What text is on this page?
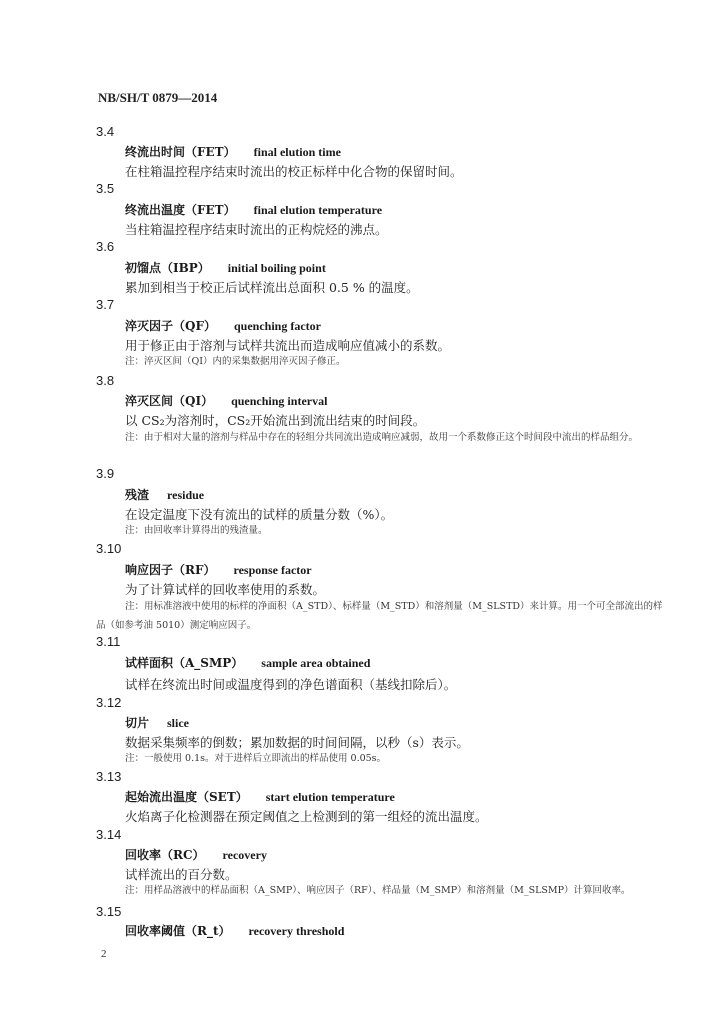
NB/SH/T 0879—2014
3.4
终流出时间（FET） final elution time
在柱箱温控程序结束时流出的校正标样中化合物的保留时间。
3.5
终流出温度（FET） final elution temperature
当柱箱温控程序结束时流出的正构烷烃的沸点。
3.6
初馏点（IBP） initial boiling point
累加到相当于校正后试样流出总面积 0.5 % 的温度。
3.7
淬灭因子（QF） quenching factor
用于修正由于溶剂与试样共流出而造成响应值减小的系数。
注：淬灭区间（QI）内的采集数据用淬灭因子修正。
3.8
淬灭区间（QI） quenching interval
以 CS₂为溶剂时，CS₂开始流出到流出结束的时间段。
注：由于相对大量的溶剂与样品中存在的轻组分共同流出造成响应减弱，故用一个系数修正这个时间段中流出的样品组分。
3.9
残渣 residue
在设定温度下没有流出的试样的质量分数（%）。
注：由回收率计算得出的残渣量。
3.10
响应因子（RF） response factor
为了计算试样的回收率使用的系数。
注：用标准溶液中使用的标样的净面积（A_STD）、标样量（M_STD）和溶剂量（M_SLSTD）来计算。用一个可全部流出的样品（如参考油 5010）测定响应因子。
3.11
试样面积（A_SMP） sample area obtained
试样在终流出时间或温度得到的净色谱面积（基线扣除后）。
3.12
切片 slice
数据采集频率的倒数；累加数据的时间间隔，以秒（s）表示。
注：一般使用 0.1s。对于进样后立即流出的样品使用 0.05s。
3.13
起始流出温度（SET） start elution temperature
火焰离子化检测器在预定阈值之上检测到的第一组烃的流出温度。
3.14
回收率（RC） recovery
试样流出的百分数。
注：用样品溶液中的样品面积（A_SMP）、响应因子（RF）、样品量（M_SMP）和溶剂量（M_SLSMP）计算回收率。
3.15
回收率阈值（R_t） recovery threshold
2
